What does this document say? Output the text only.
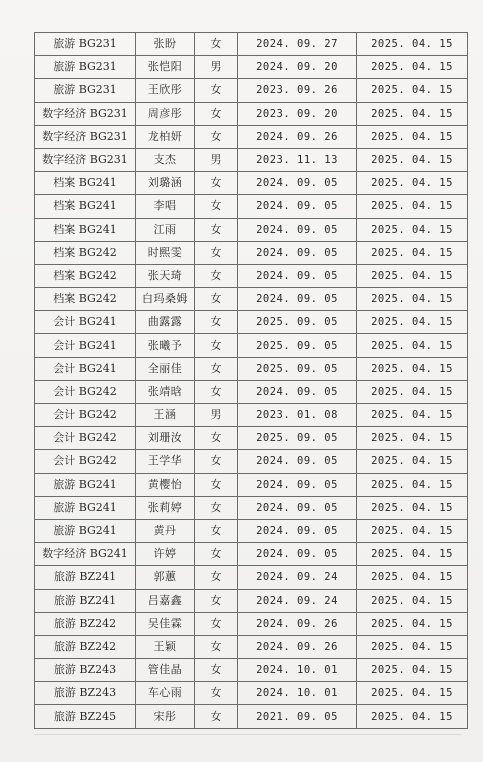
旅游 BG231	张盼	女	2024. 09. 27	2025. 04. 15
旅游 BG231	张恺阳	男	2024. 09. 20	2025. 04. 15
旅游 BG231	王欣彤	女	2023. 09. 26	2025. 04. 15
数字经济 BG231	周彦彤	女	2023. 09. 20	2025. 04. 15
数字经济 BG231	龙柏妍	女	2024. 09. 26	2025. 04. 15
数字经济 BG231	支杰	男	2023. 11. 13	2025. 04. 15
档案 BG241	刘璐涵	女	2024. 09. 05	2025. 04. 15
档案 BG241	李唱	女	2024. 09. 05	2025. 04. 15
档案 BG241	江雨	女	2024. 09. 05	2025. 04. 15
档案 BG242	时熙雯	女	2024. 09. 05	2025. 04. 15
档案 BG242	张天琦	女	2024. 09. 05	2025. 04. 15
档案 BG242	白玛桑姆	女	2024. 09. 05	2025. 04. 15
会计 BG241	曲露露	女	2025. 09. 05	2025. 04. 15
会计 BG241	张曦予	女	2025. 09. 05	2025. 04. 15
会计 BG241	全丽佳	女	2025. 09. 05	2025. 04. 15
会计 BG242	张靖晗	女	2024. 09. 05	2025. 04. 15
会计 BG242	王涵	男	2023. 01. 08	2025. 04. 15
会计 BG242	刘珊汝	女	2025. 09. 05	2025. 04. 15
会计 BG242	王学华	女	2024. 09. 05	2025. 04. 15
旅游 BG241	黄樱怡	女	2024. 09. 05	2025. 04. 15
旅游 BG241	张莉婷	女	2024. 09. 05	2025. 04. 15
旅游 BG241	黄丹	女	2024. 09. 05	2025. 04. 15
数字经济 BG241	许婷	女	2024. 09. 05	2025. 04. 15
旅游 BZ241	郭蕙	女	2024. 09. 24	2025. 04. 15
旅游 BZ241	吕嘉鑫	女	2024. 09. 24	2025. 04. 15
旅游 BZ242	吴佳霖	女	2024. 09. 26	2025. 04. 15
旅游 BZ242	王颖	女	2024. 09. 26	2025. 04. 15
旅游 BZ243	管佳晶	女	2024. 10. 01	2025. 04. 15
旅游 BZ243	车心雨	女	2024. 10. 01	2025. 04. 15
旅游 BZ245	宋彤	女	2021. 09. 05	2025. 04. 15
